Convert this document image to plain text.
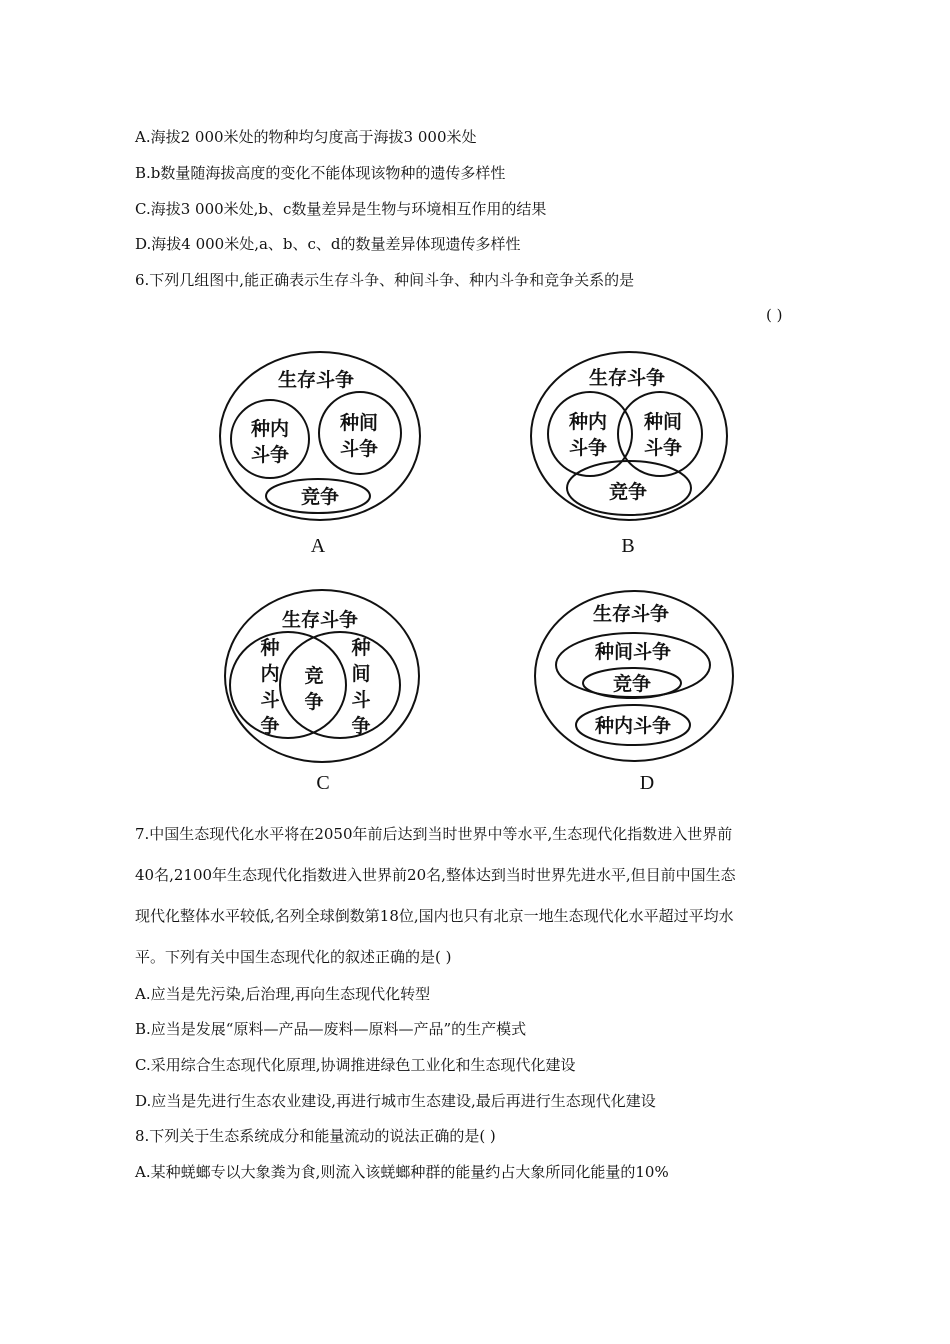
A.海拔2 000米处的物种均匀度高于海拔3 000米处
B.b数量随海拔高度的变化不能体现该物种的遗传多样性
C.海拔3 000米处,b、c数量差异是生物与环境相互作用的结果
D.海拔4 000米处,a、b、c、d的数量差异体现遗传多样性
6.下列几组图中,能正确表示生存斗争、种间斗争、种内斗争和竞争关系的是
( )
生存斗争
种内
斗争
种间
斗争
竞争
A
生存斗争
种内
斗争
种间
斗争
竞争
B
生存斗争
种
内
斗
争
竞
争
种
间
斗
争
C
生存斗争
种间斗争
竞争
种内斗争
D
7.中国生态现代化水平将在2050年前后达到当时世界中等水平,生态现代化指数进入世界前
40名,2100年生态现代化指数进入世界前20名,整体达到当时世界先进水平,但目前中国生态
现代化整体水平较低,名列全球倒数第18位,国内也只有北京一地生态现代化水平超过平均水
平。下列有关中国生态现代化的叙述正确的是( )
A.应当是先污染,后治理,再向生态现代化转型
B.应当是发展“原料—产品—废料—原料—产品”的生产模式
C.采用综合生态现代化原理,协调推进绿色工业化和生态现代化建设
D.应当是先进行生态农业建设,再进行城市生态建设,最后再进行生态现代化建设
8.下列关于生态系统成分和能量流动的说法正确的是( )
A.某种蜣螂专以大象粪为食,则流入该蜣螂种群的能量约占大象所同化能量的10%
